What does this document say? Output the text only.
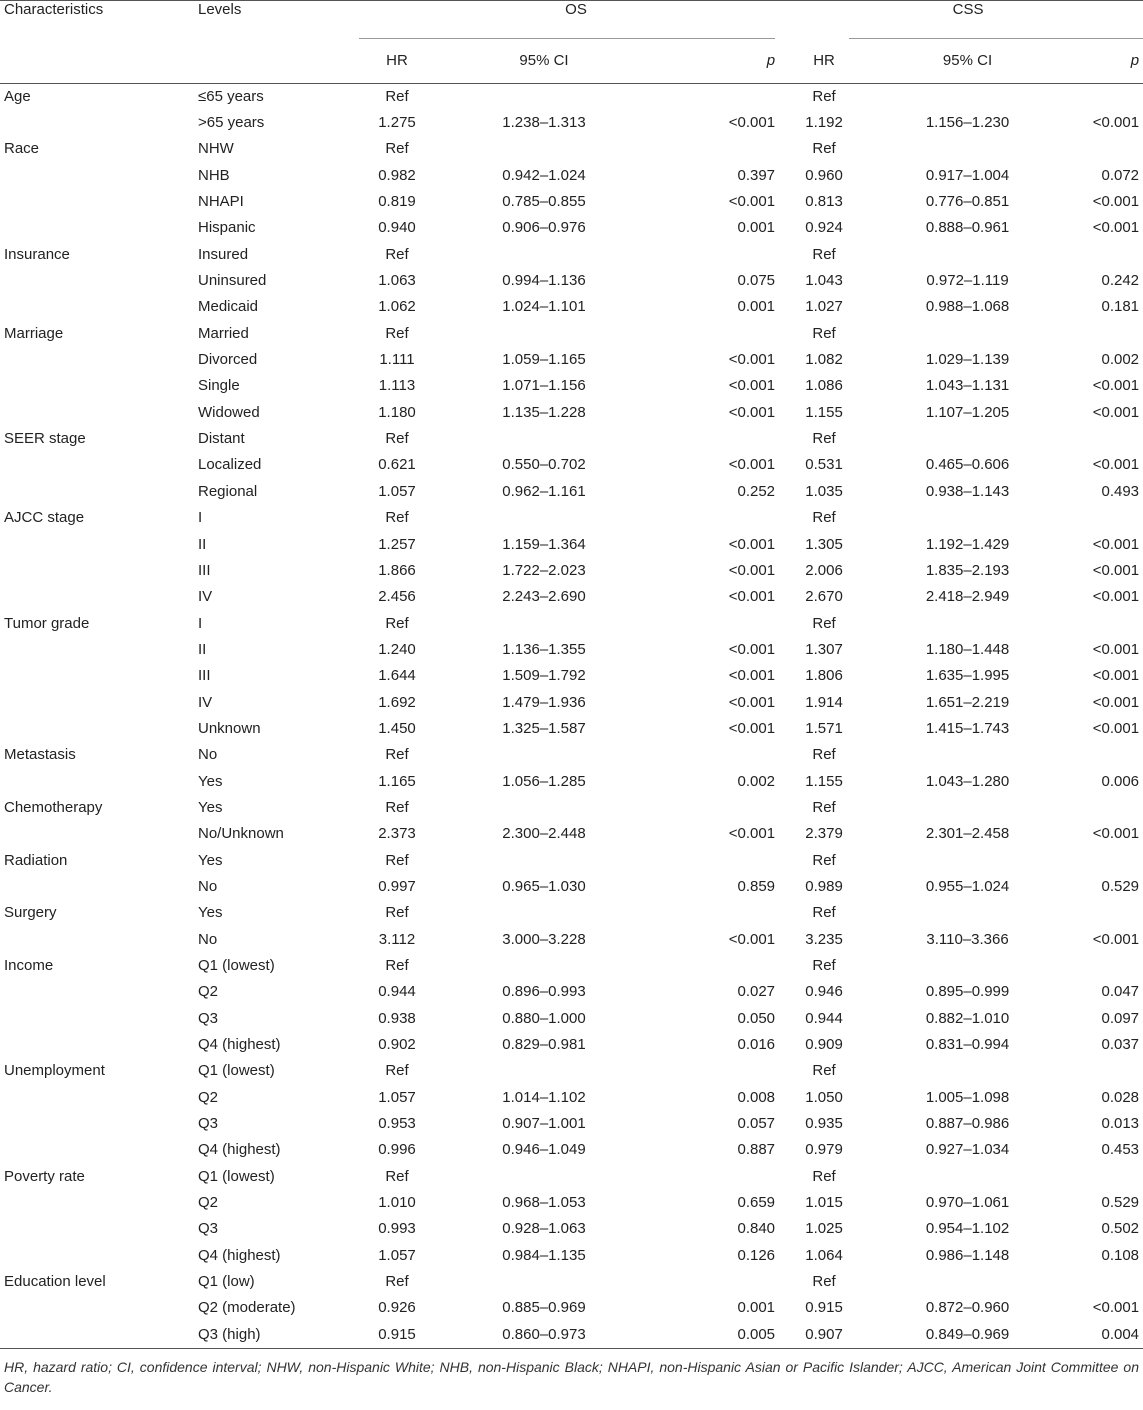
Characteristics	Levels	OS			CSS		

		HR	95% CI	p	HR	95% CI	p
Age	≤65 years	Ref			Ref		
	>65 years	1.275	1.238–1.313	<0.001	1.192	1.156–1.230	<0.001
Race	NHW	Ref			Ref		
	NHB	0.982	0.942–1.024	0.397	0.960	0.917–1.004	0.072
	NHAPI	0.819	0.785–0.855	<0.001	0.813	0.776–0.851	<0.001
	Hispanic	0.940	0.906–0.976	0.001	0.924	0.888–0.961	<0.001
Insurance	Insured	Ref			Ref		
	Uninsured	1.063	0.994–1.136	0.075	1.043	0.972–1.119	0.242
	Medicaid	1.062	1.024–1.101	0.001	1.027	0.988–1.068	0.181
Marriage	Married	Ref			Ref		
	Divorced	1.111	1.059–1.165	<0.001	1.082	1.029–1.139	0.002
	Single	1.113	1.071–1.156	<0.001	1.086	1.043–1.131	<0.001
	Widowed	1.180	1.135–1.228	<0.001	1.155	1.107–1.205	<0.001
SEER stage	Distant	Ref			Ref		
	Localized	0.621	0.550–0.702	<0.001	0.531	0.465–0.606	<0.001
	Regional	1.057	0.962–1.161	0.252	1.035	0.938–1.143	0.493
AJCC stage	I	Ref			Ref		
	II	1.257	1.159–1.364	<0.001	1.305	1.192–1.429	<0.001
	III	1.866	1.722–2.023	<0.001	2.006	1.835–2.193	<0.001
	IV	2.456	2.243–2.690	<0.001	2.670	2.418–2.949	<0.001
Tumor grade	I	Ref			Ref		
	II	1.240	1.136–1.355	<0.001	1.307	1.180–1.448	<0.001
	III	1.644	1.509–1.792	<0.001	1.806	1.635–1.995	<0.001
	IV	1.692	1.479–1.936	<0.001	1.914	1.651–2.219	<0.001
	Unknown	1.450	1.325–1.587	<0.001	1.571	1.415–1.743	<0.001
Metastasis	No	Ref			Ref		
	Yes	1.165	1.056–1.285	0.002	1.155	1.043–1.280	0.006
Chemotherapy	Yes	Ref			Ref		
	No/Unknown	2.373	2.300–2.448	<0.001	2.379	2.301–2.458	<0.001
Radiation	Yes	Ref			Ref		
	No	0.997	0.965–1.030	0.859	0.989	0.955–1.024	0.529
Surgery	Yes	Ref			Ref		
	No	3.112	3.000–3.228	<0.001	3.235	3.110–3.366	<0.001
Income	Q1 (lowest)	Ref			Ref		
	Q2	0.944	0.896–0.993	0.027	0.946	0.895–0.999	0.047
	Q3	0.938	0.880–1.000	0.050	0.944	0.882–1.010	0.097
	Q4 (highest)	0.902	0.829–0.981	0.016	0.909	0.831–0.994	0.037
Unemployment	Q1 (lowest)	Ref			Ref		
	Q2	1.057	1.014–1.102	0.008	1.050	1.005–1.098	0.028
	Q3	0.953	0.907–1.001	0.057	0.935	0.887–0.986	0.013
	Q4 (highest)	0.996	0.946–1.049	0.887	0.979	0.927–1.034	0.453
Poverty rate	Q1 (lowest)	Ref			Ref		
	Q2	1.010	0.968–1.053	0.659	1.015	0.970–1.061	0.529
	Q3	0.993	0.928–1.063	0.840	1.025	0.954–1.102	0.502
	Q4 (highest)	1.057	0.984–1.135	0.126	1.064	0.986–1.148	0.108
Education level	Q1 (low)	Ref			Ref		
	Q2 (moderate)	0.926	0.885–0.969	0.001	0.915	0.872–0.960	<0.001
	Q3 (high)	0.915	0.860–0.973	0.005	0.907	0.849–0.969	0.004
HR, hazard ratio; CI, confidence interval; NHW, non-Hispanic White; NHB, non-Hispanic Black; NHAPI, non-Hispanic Asian or Pacific Islander; AJCC, American Joint Committee on Cancer.
